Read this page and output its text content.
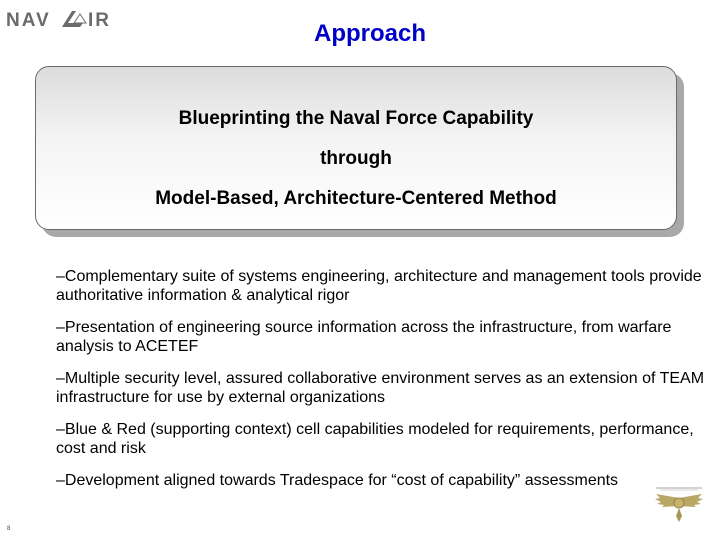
NAV IR	Approach
Blueprinting the Naval Force Capability
through
Model-Based, Architecture-Centered Method

–Complementary suite of systems engineering, architecture and management tools provide authoritative information & analytical rigor

–Presentation of engineering source information across the infrastructure, from warfare analysis to ACETEF

–Multiple security level, assured collaborative environment serves as an extension of TEAM infrastructure for use by external organizations

–Blue & Red (supporting context) cell capabilities modeled for requirements, performance, cost and risk

–Development aligned towards Tradespace for “cost of capability” assessments

8
